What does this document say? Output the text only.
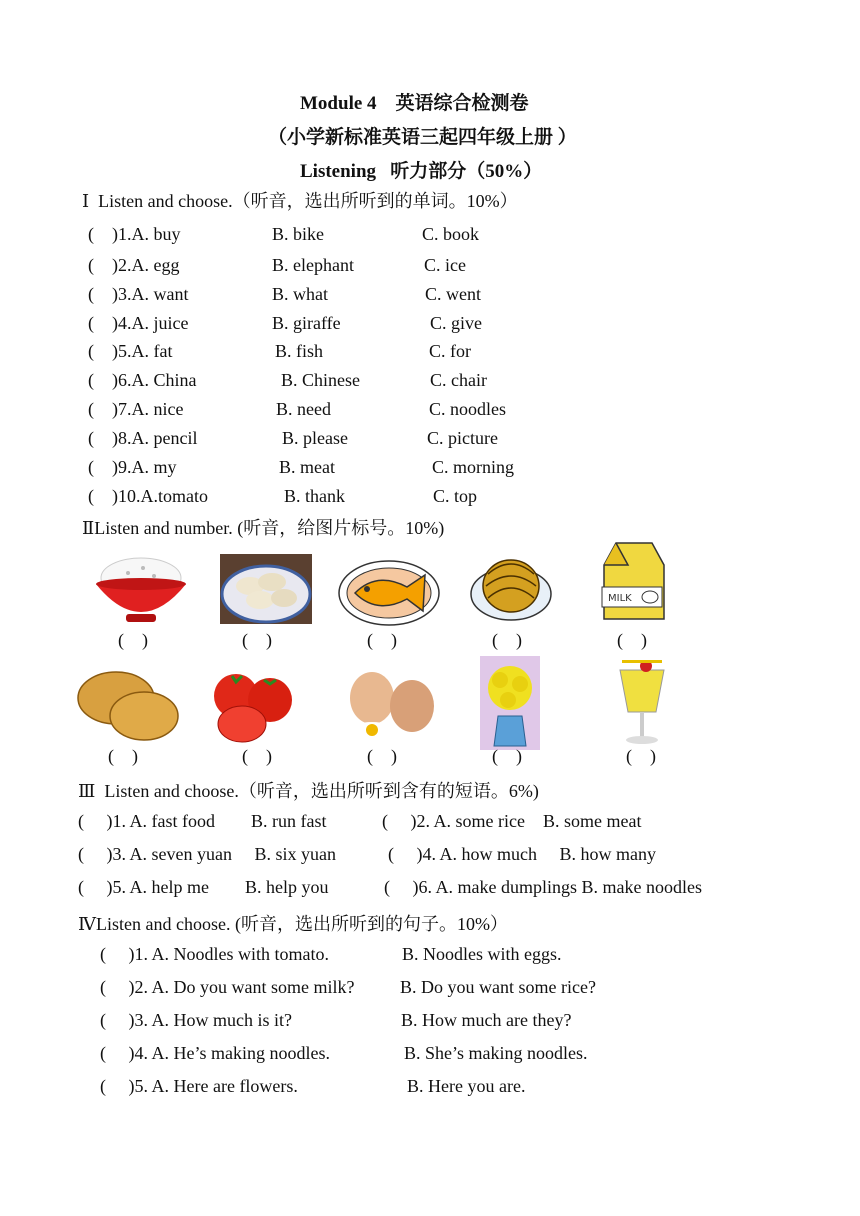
Module 4    英语综合检测卷
（小学新标准英语三起四年级上册 ）
Listening   听力部分（50%）
Ⅰ  Listen and choose.（听音，选出所听到的单词。10%）
(    )1.A. buy	B. bike	C. book
(    )2.A. egg	B. elephant	C. ice
(    )3.A. want	B. what	C. went
(    )4.A. juice	B. giraffe	C. give
(    )5.A. fat	B. fish	C. for
(    )6.A. China	B. Chinese	C. chair
(    )7.A. nice	B. need	C. noodles
(    )8.A. pencil	B. please	C. picture
(    )9.A. my	B. meat	C. morning
(    )10.A.tomato	B. thank	C. top
ⅡListen and number. (听音，给图片标号。10%)
MILK
(    )	(    )	(    )	(    )	(    )
(    )	(    )	(    )	(    )	(    )
Ⅲ  Listen and choose.（听音，选出所听到含有的短语。6%)
(     )1. A. fast food        B. run fast	(     )2. A. some rice    B. some meat
(     )3. A. seven yuan     B. six yuan	(     )4. A. how much     B. how many
(     )5. A. help me        B. help you	(     )6. A. make dumplings B. make noodles
ⅣListen and choose. (听音，选出所听到的句子。10%）
(     )1. A. Noodles with tomato.	B. Noodles with eggs.
(     )2. A. Do you want some milk?	B. Do you want some rice?
(     )3. A. How much is it?	B. How much are they?
(     )4. A. He’s making noodles.	B. She’s making noodles.
(     )5. A. Here are flowers.	B. Here you are.
